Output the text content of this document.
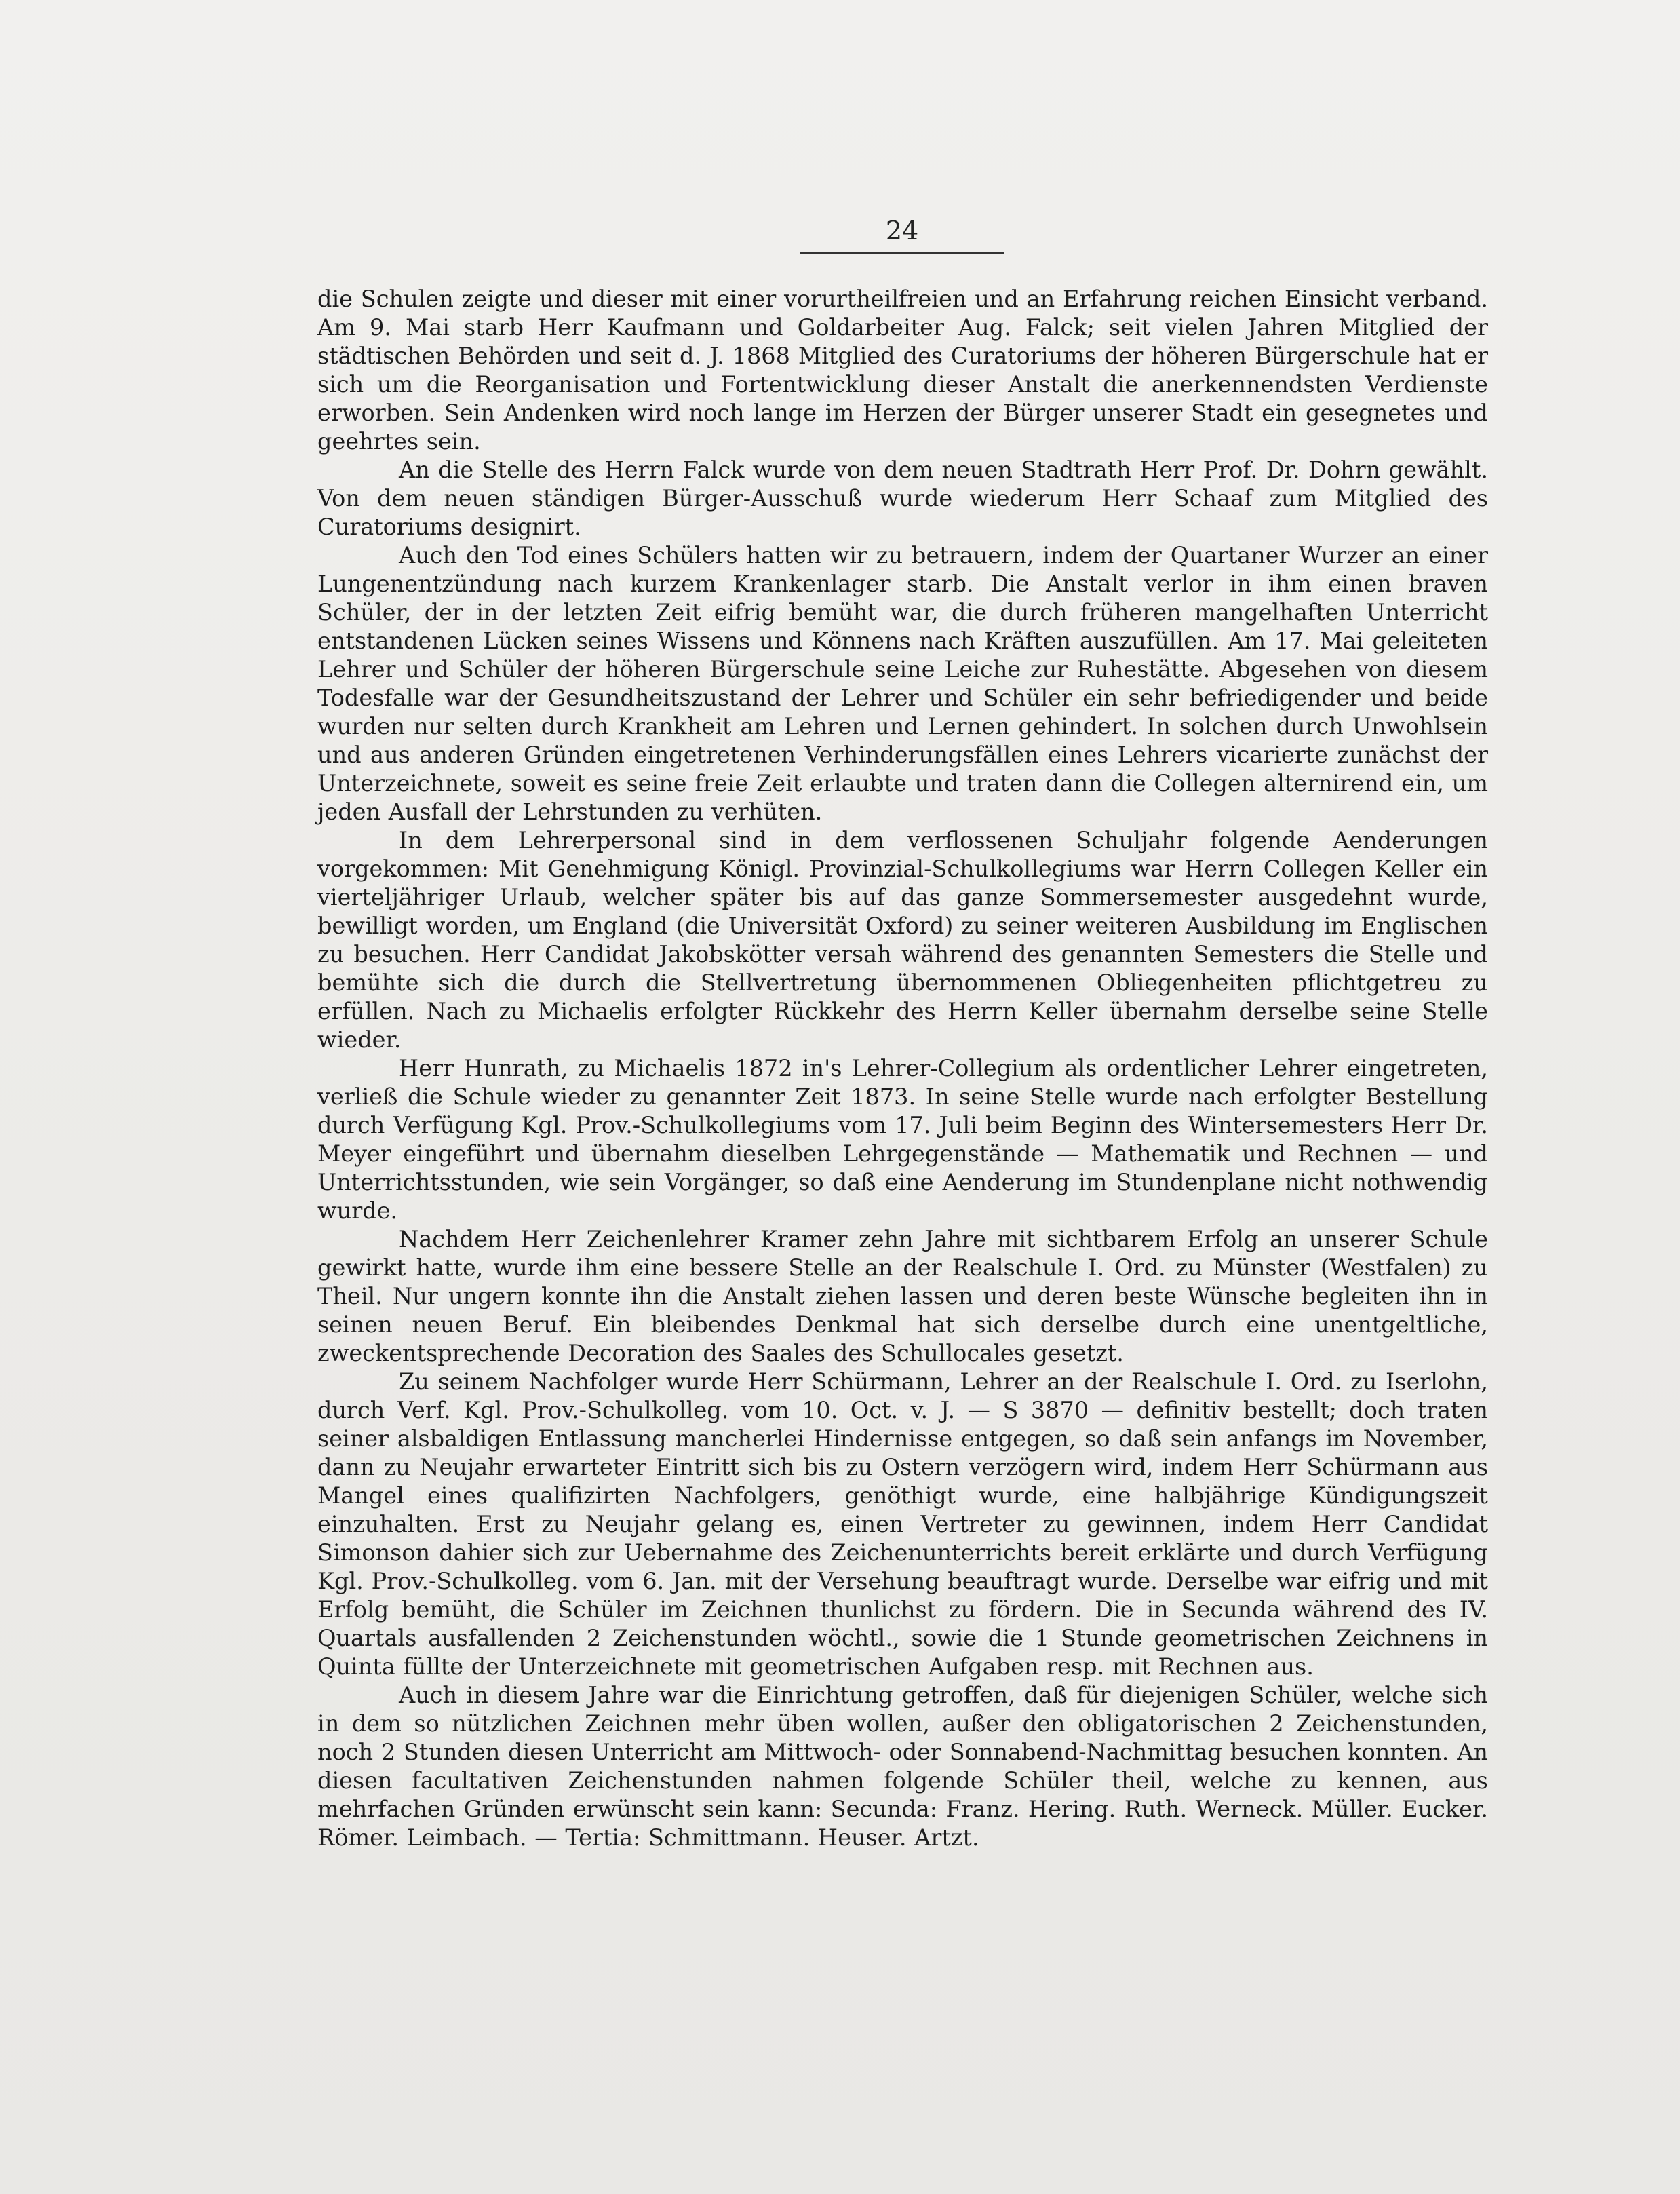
24

die Schulen zeigte und dieser mit einer vorurtheilfreien und an Erfahrung reichen Einsicht verband. Am 9. Mai starb Herr Kaufmann und Goldarbeiter Aug. Falck; seit vielen Jahren Mitglied der städtischen Behörden und seit d. J. 1868 Mitglied des Curatoriums der höheren Bürgerschule hat er sich um die Reorganisation und Fortentwicklung dieser Anstalt die anerkennendsten Verdienste erworben. Sein Andenken wird noch lange im Herzen der Bürger unserer Stadt ein gesegnetes und geehrtes sein.

An die Stelle des Herrn Falck wurde von dem neuen Stadtrath Herr Prof. Dr. Dohrn gewählt. Von dem neuen ständigen Bürger-Ausschuß wurde wiederum Herr Schaaf zum Mitglied des Curatoriums designirt.

Auch den Tod eines Schülers hatten wir zu betrauern, indem der Quartaner Wurzer an einer Lungenentzündung nach kurzem Krankenlager starb. Die Anstalt verlor in ihm einen braven Schüler, der in der letzten Zeit eifrig bemüht war, die durch früheren mangelhaften Unterricht entstandenen Lücken seines Wissens und Könnens nach Kräften auszufüllen. Am 17. Mai geleiteten Lehrer und Schüler der höheren Bürgerschule seine Leiche zur Ruhestätte. Abgesehen von diesem Todesfalle war der Gesundheitszustand der Lehrer und Schüler ein sehr befriedigender und beide wurden nur selten durch Krankheit am Lehren und Lernen gehindert. In solchen durch Unwohlsein und aus anderen Gründen eingetretenen Verhinderungsfällen eines Lehrers vicarierte zunächst der Unterzeichnete, soweit es seine freie Zeit erlaubte und traten dann die Collegen alternirend ein, um jeden Ausfall der Lehrstunden zu verhüten.

In dem Lehrerpersonal sind in dem verflossenen Schuljahr folgende Aenderungen vorgekommen: Mit Genehmigung Königl. Provinzial-Schulkollegiums war Herrn Collegen Keller ein vierteljähriger Urlaub, welcher später bis auf das ganze Sommersemester ausgedehnt wurde, bewilligt worden, um England (die Universität Oxford) zu seiner weiteren Ausbildung im Englischen zu besuchen. Herr Candidat Jakobskötter versah während des genannten Semesters die Stelle und bemühte sich die durch die Stellvertretung übernommenen Obliegenheiten pflichtgetreu zu erfüllen. Nach zu Michaelis erfolgter Rückkehr des Herrn Keller übernahm derselbe seine Stelle wieder.

Herr Hunrath, zu Michaelis 1872 in's Lehrer-Collegium als ordentlicher Lehrer eingetreten, verließ die Schule wieder zu genannter Zeit 1873. In seine Stelle wurde nach erfolgter Bestellung durch Verfügung Kgl. Prov.-Schulkollegiums vom 17. Juli beim Beginn des Wintersemesters Herr Dr. Meyer eingeführt und übernahm dieselben Lehrgegenstände — Mathematik und Rechnen — und Unterrichtsstunden, wie sein Vorgänger, so daß eine Aenderung im Stundenplane nicht nothwendig wurde.

Nachdem Herr Zeichenlehrer Kramer zehn Jahre mit sichtbarem Erfolg an unserer Schule gewirkt hatte, wurde ihm eine bessere Stelle an der Realschule I. Ord. zu Münster (Westfalen) zu Theil. Nur ungern konnte ihn die Anstalt ziehen lassen und deren beste Wünsche begleiten ihn in seinen neuen Beruf. Ein bleibendes Denkmal hat sich derselbe durch eine unentgeltliche, zweckentsprechende Decoration des Saales des Schullocales gesetzt.

Zu seinem Nachfolger wurde Herr Schürmann, Lehrer an der Realschule I. Ord. zu Iserlohn, durch Verf. Kgl. Prov.-Schulkolleg. vom 10. Oct. v. J. — S 3870 — definitiv bestellt; doch traten seiner alsbaldigen Entlassung mancherlei Hindernisse entgegen, so daß sein anfangs im November, dann zu Neujahr erwarteter Eintritt sich bis zu Ostern verzögern wird, indem Herr Schürmann aus Mangel eines qualifizirten Nachfolgers, genöthigt wurde, eine halbjährige Kündigungszeit einzuhalten. Erst zu Neujahr gelang es, einen Vertreter zu gewinnen, indem Herr Candidat Simonson dahier sich zur Uebernahme des Zeichenunterrichts bereit erklärte und durch Verfügung Kgl. Prov.-Schulkolleg. vom 6. Jan. mit der Versehung beauftragt wurde. Derselbe war eifrig und mit Erfolg bemüht, die Schüler im Zeichnen thunlichst zu fördern. Die in Secunda während des IV. Quartals ausfallenden 2 Zeichenstunden wöchtl., sowie die 1 Stunde geometrischen Zeichnens in Quinta füllte der Unterzeichnete mit geometrischen Aufgaben resp. mit Rechnen aus.

Auch in diesem Jahre war die Einrichtung getroffen, daß für diejenigen Schüler, welche sich in dem so nützlichen Zeichnen mehr üben wollen, außer den obligatorischen 2 Zeichenstunden, noch 2 Stunden diesen Unterricht am Mittwoch- oder Sonnabend-Nachmittag besuchen konnten. An diesen facultativen Zeichenstunden nahmen folgende Schüler theil, welche zu kennen, aus mehrfachen Gründen erwünscht sein kann: Secunda: Franz. Hering. Ruth. Werneck. Müller. Eucker. Römer. Leimbach. — Tertia: Schmittmann. Heuser. Artzt.
